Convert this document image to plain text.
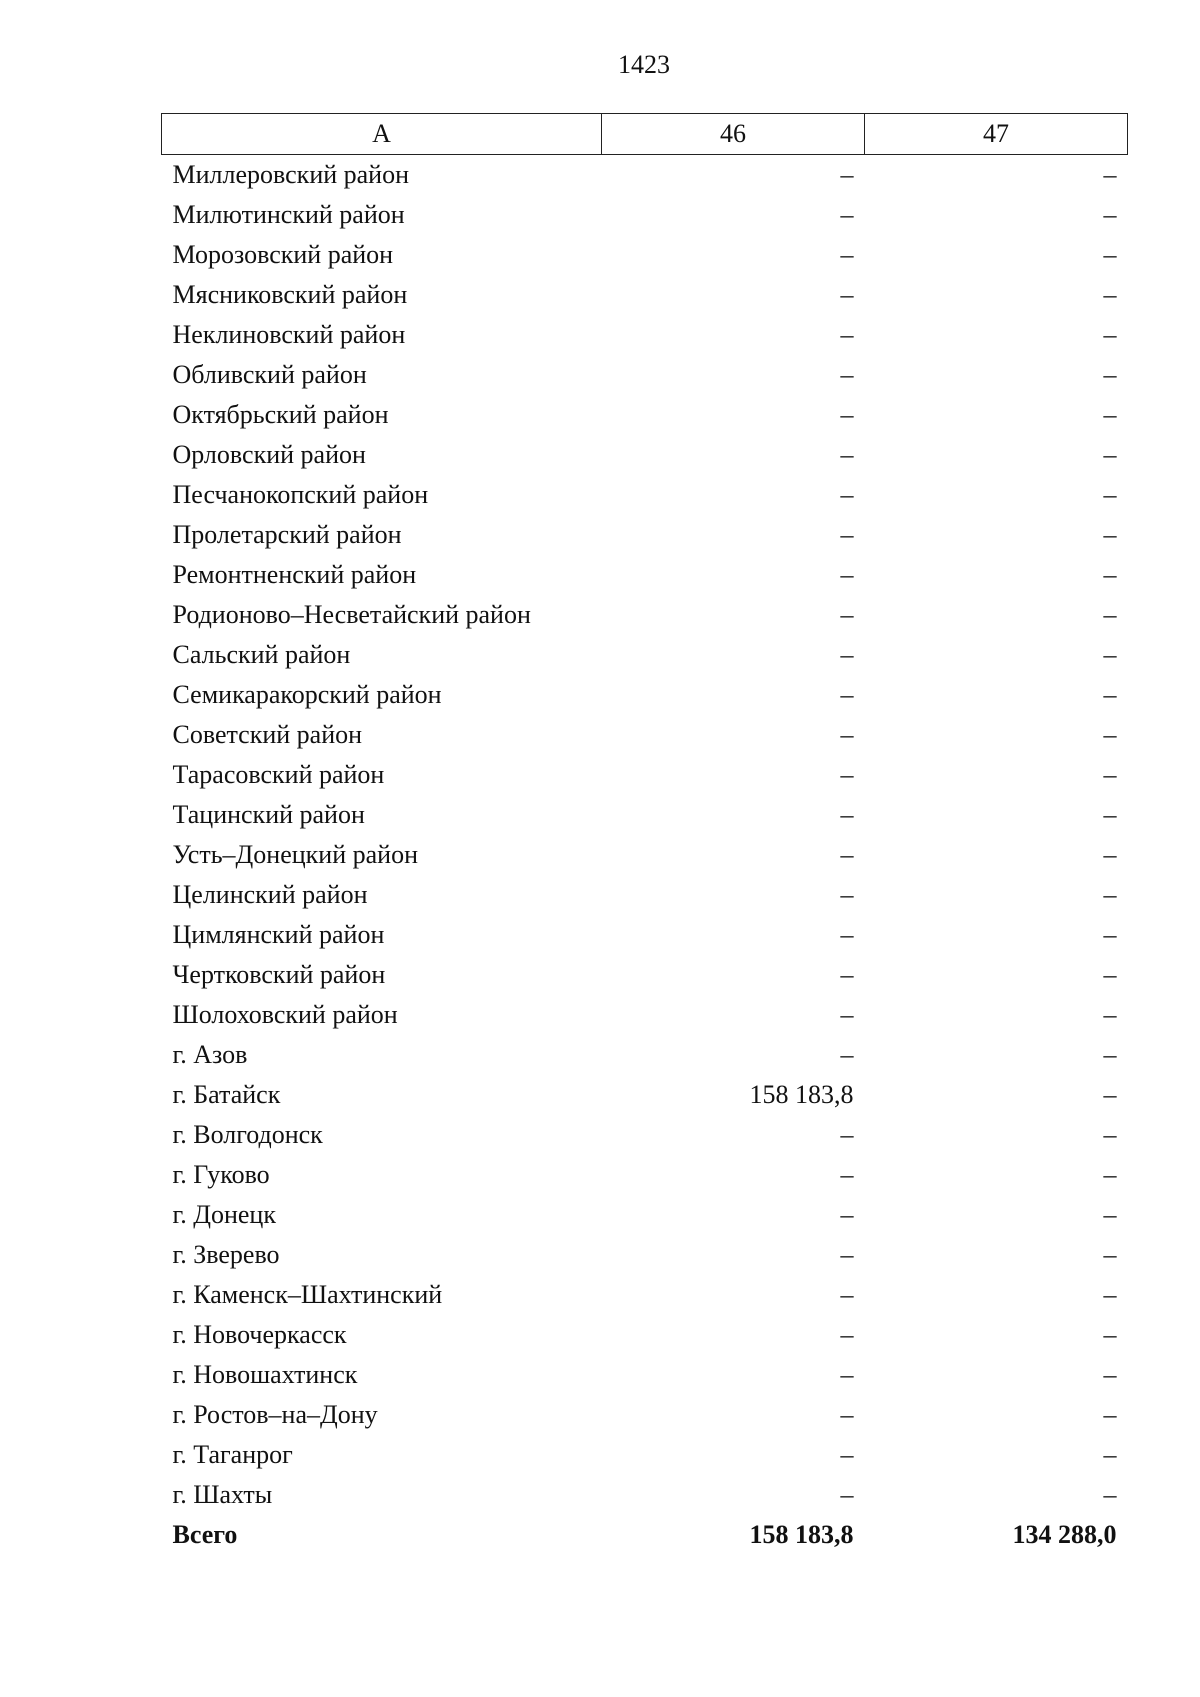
1423
А	46	47
Миллеровский район	–	–
Милютинский район	–	–
Морозовский район	–	–
Мясниковский район	–	–
Неклиновский район	–	–
Обливский район	–	–
Октябрьский район	–	–
Орловский район	–	–
Песчанокопский район	–	–
Пролетарский район	–	–
Ремонтненский район	–	–
Родионово–Несветайский район	–	–
Сальский район	–	–
Семикаракорский район	–	–
Советский район	–	–
Тарасовский район	–	–
Тацинский район	–	–
Усть–Донецкий район	–	–
Целинский район	–	–
Цимлянский район	–	–
Чертковский район	–	–
Шолоховский район	–	–
г. Азов	–	–
г. Батайск	158 183,8	–
г. Волгодонск	–	–
г. Гуково	–	–
г. Донецк	–	–
г. Зверево	–	–
г. Каменск–Шахтинский	–	–
г. Новочеркасск	–	–
г. Новошахтинск	–	–
г. Ростов–на–Дону	–	–
г. Таганрог	–	–
г. Шахты	–	–
Всего	158 183,8	134 288,0
